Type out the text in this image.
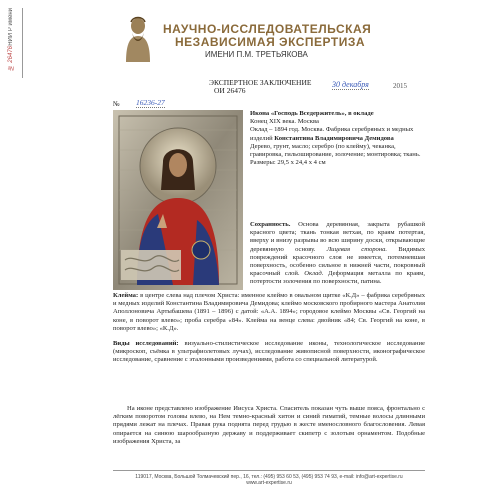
НИИ Р имени
№ 26476
НАУЧНО-ИССЛЕДОВАТЕЛЬСКАЯ
НЕЗАВИСИМАЯ ЭКСПЕРТИЗА
ИМЕНИ П.М. ТРЕТЬЯКОВА
ЭКСПЕРТНОЕ ЗАКЛЮЧЕНИЕ
ОИ 26476
30 декабря	2015
№ 16236-27
Икона «Господь Вседержитель», в окладе
Конец XIX века. Москва
Оклад – 1894 год. Москва. Фабрика серебряных и медных изделий Константина Владимировича Демидова
Дерево, грунт, масло; серебро (по клейму), чеканка, гравировка, гильоширование, золочение; монтировка; ткань.
Размеры: 29,5 х 24,4 х 4 см
Сохранность. Основа деревянная, закрыта рубашкой красного цвета; ткань тонкая ветхая, по краям потертая, вверху и внизу разрывы во всю ширину доски, открывающие деревянную основу. Лицевая сторона. Видимых повреждений красочного слоя не имеется, потемневшая поверхность, особенно сильное в нижней части, покровный красочный слой. Оклад. Деформация металла по краям, потертости золочения по поверхности, патина.
Клейма: в центре слева над плечом Христа: именное клеймо в овальном щитке «К.Д» – фабрика серебряных и медных изделий Константина Владимировича Демидова; клеймо московского пробирного мастера Анатолия Аполлоновича Артыбашева (1891 – 1896) с датой: «А.А. 1894»; городовое клеймо Москвы «Св. Георгий на коне, в поворот влево»; проба серебра «84». Клейма на венце слева: двойник «84; Св. Георгий на коне, в поворот влево»; «К.Д».
Виды исследований: визуально-стилистическое исследование иконы, технологическое исследование (микроскоп, съёмка в ультрафиолетовых лучах), исследование живописной поверхности, иконографическое исследование, сравнение с эталонными произведениями, работа со специальной литературой.
На иконе представлено изображение Иисуса Христа. Спаситель показан чуть выше пояса, фронтально с лёгким поворотом головы влево, на Нем темно-красный хитон и синий гиматий, темные волосы длинными прядями лежат на плечах. Правая рука поднята перед грудью в жесте именословного благословения. Левая опирается на синюю шарообразную державу и поддерживает скипетр с золотым орнаментом. Подобные изображения Христа, за
119017, Москва, Большой Толмачевский пер., 16, тел.: (495) 953 60 53, (495) 953 74 93, e-mail: info@art-expertise.ru
www.art-expertise.ru
